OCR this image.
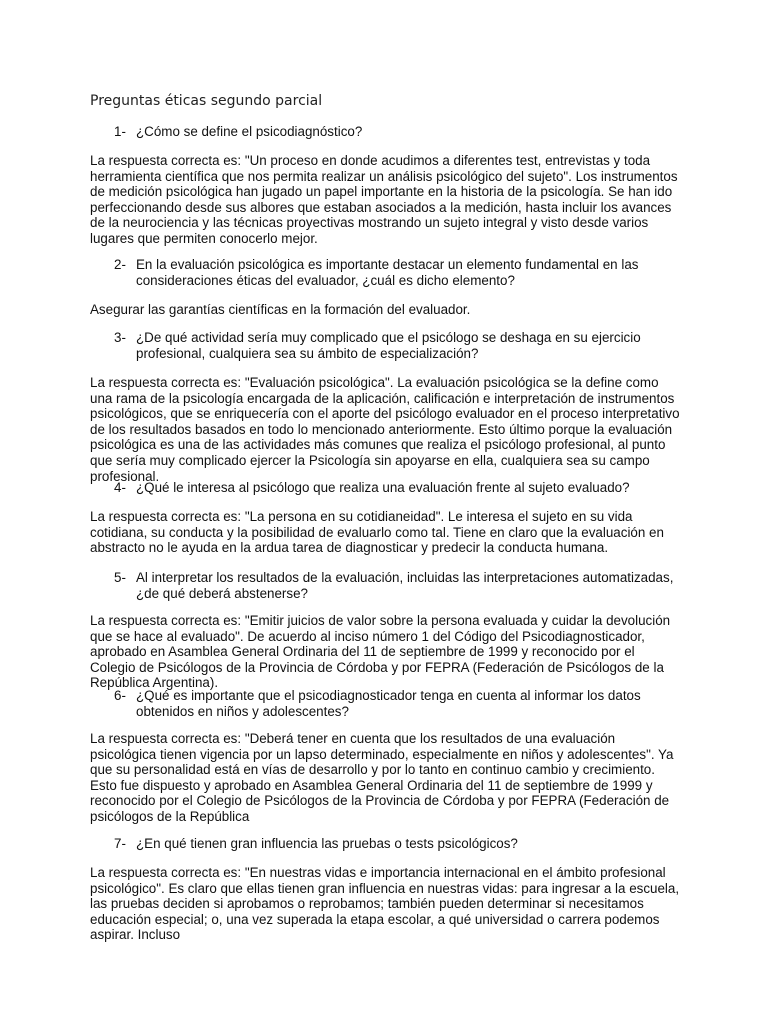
Preguntas éticas segundo parcial
1- ¿Cómo se define el psicodiagnóstico?

La respuesta correcta es: "Un proceso en donde acudimos a diferentes test, entrevistas y toda herramienta científica que nos permita realizar un análisis psicológico del sujeto". Los instrumentos de medición psicológica han jugado un papel importante en la historia de la psicología. Se han ido perfeccionando desde sus albores que estaban asociados a la medición, hasta incluir los avances de la neurociencia y las técnicas proyectivas mostrando un sujeto integral y visto desde varios lugares que permiten conocerlo mejor.

2- En la evaluación psicológica es importante destacar un elemento fundamental en las consideraciones éticas del evaluador, ¿cuál es dicho elemento?

Asegurar las garantías científicas en la formación del evaluador.

3- ¿De qué actividad sería muy complicado que el psicólogo se deshaga en su ejercicio profesional, cualquiera sea su ámbito de especialización?

La respuesta correcta es: "Evaluación psicológica". La evaluación psicológica se la define como una rama de la psicología encargada de la aplicación, calificación e interpretación de instrumentos psicológicos, que se enriquecería con el aporte del psicólogo evaluador en el proceso interpretativo de los resultados basados en todo lo mencionado anteriormente. Esto último porque la evaluación psicológica es una de las actividades más comunes que realiza el psicólogo profesional, al punto que sería muy complicado ejercer la Psicología sin apoyarse en ella, cualquiera sea su campo profesional.

4- ¿Qué le interesa al psicólogo que realiza una evaluación frente al sujeto evaluado?

La respuesta correcta es: "La persona en su cotidianeidad". Le interesa el sujeto en su vida cotidiana, su conducta y la posibilidad de evaluarlo como tal. Tiene en claro que la evaluación en abstracto no le ayuda en la ardua tarea de diagnosticar y predecir la conducta humana.

5- Al interpretar los resultados de la evaluación, incluidas las interpretaciones automatizadas, ¿de qué deberá abstenerse?

La respuesta correcta es: "Emitir juicios de valor sobre la persona evaluada y cuidar la devolución que se hace al evaluado". De acuerdo al inciso número 1 del Código del Psicodiagnosticador, aprobado en Asamblea General Ordinaria del 11 de septiembre de 1999 y reconocido por el Colegio de Psicólogos de la Provincia de Córdoba y por FEPRA (Federación de Psicólogos de la República Argentina).

6- ¿Qué es importante que el psicodiagnosticador tenga en cuenta al informar los datos obtenidos en niños y adolescentes?

La respuesta correcta es: "Deberá tener en cuenta que los resultados de una evaluación psicológica tienen vigencia por un lapso determinado, especialmente en niños y adolescentes". Ya que su personalidad está en vías de desarrollo y por lo tanto en continuo cambio y crecimiento. Esto fue dispuesto y aprobado en Asamblea General Ordinaria del 11 de septiembre de 1999 y reconocido por el Colegio de Psicólogos de la Provincia de Córdoba y por FEPRA (Federación de psicólogos de la República

7- ¿En qué tienen gran influencia las pruebas o tests psicológicos?

La respuesta correcta es: "En nuestras vidas e importancia internacional en el ámbito profesional psicológico". Es claro que ellas tienen gran influencia en nuestras vidas: para ingresar a la escuela, las pruebas deciden si aprobamos o reprobamos; también pueden determinar si necesitamos educación especial; o, una vez superada la etapa escolar, a qué universidad o carrera podemos aspirar. Incluso
